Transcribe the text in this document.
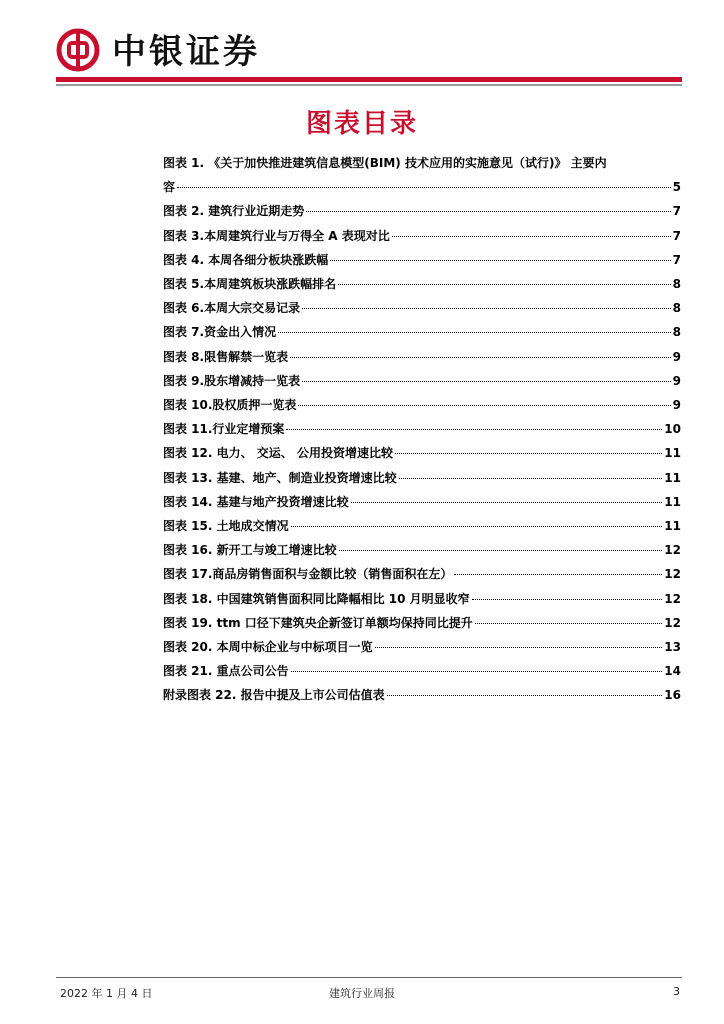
中银证券
图表目录
图表 1. 《关于加快推进建筑信息模型(BIM) 技术应用的实施意见（试行)》 主要内
容	5
图表 2. 建筑行业近期走势	7
图表 3.本周建筑行业与万得全 A 表现对比	7
图表 4. 本周各细分板块涨跌幅	7
图表 5.本周建筑板块涨跌幅排名	8
图表 6.本周大宗交易记录	8
图表 7.资金出入情况	8
图表 8.限售解禁一览表	9
图表 9.股东增减持一览表	9
图表 10.股权质押一览表	9
图表 11.行业定增预案	10
图表 12. 电力、 交运、 公用投资增速比较	11
图表 13. 基建、地产、制造业投资增速比较	11
图表 14. 基建与地产投资增速比较	11
图表 15. 土地成交情况	11
图表 16. 新开工与竣工增速比较	12
图表 17.商品房销售面积与金额比较（销售面积在左）	12
图表 18. 中国建筑销售面积同比降幅相比 10 月明显收窄	12
图表 19. ttm 口径下建筑央企新签订单额均保持同比提升	12
图表 20. 本周中标企业与中标项目一览	13
图表 21. 重点公司公告	14
附录图表 22. 报告中提及上市公司估值表	16
2022 年 1 月 4 日	建筑行业周报	3
